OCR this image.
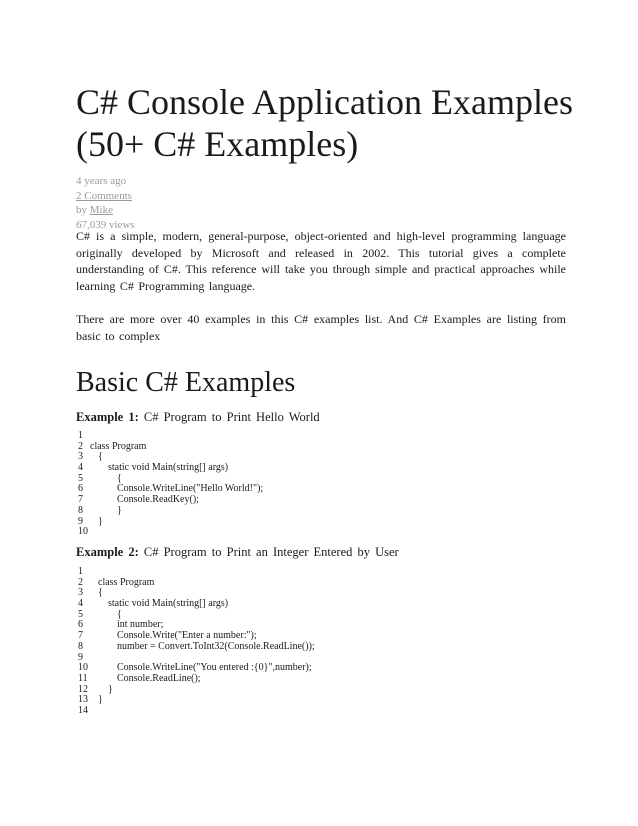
C# Console Application Examples (50+ C# Examples)
4 years ago
2 Comments
by Mike
67,039 views

C# is a simple, modern, general-purpose, object-oriented and high-level programming language originally developed by Microsoft and released in 2002. This tutorial gives a complete understanding of C#. This reference will take you through simple and practical approaches while learning C# Programming language.

There are more over 40 examples in this C# examples list. And C# Examples are listing from basic to complex

Basic C# Examples
Example 1: C# Program to Print Hello World
1
2 class Program
3 {
4	static void Main(string[] args)
5	{
6	Console.WriteLine("Hello World!");
7	Console.ReadKey();
8	}
9 }
10
Example 2: C# Program to Print an Integer Entered by User
1
2 class Program
3 {
4	static void Main(string[] args)
5	{
6	int number;
7	Console.Write("Enter a number:");
8	number = Convert.ToInt32(Console.ReadLine());
9
10	Console.WriteLine("You entered :{0}",number);
11	Console.ReadLine();
12 }
13 }
14
